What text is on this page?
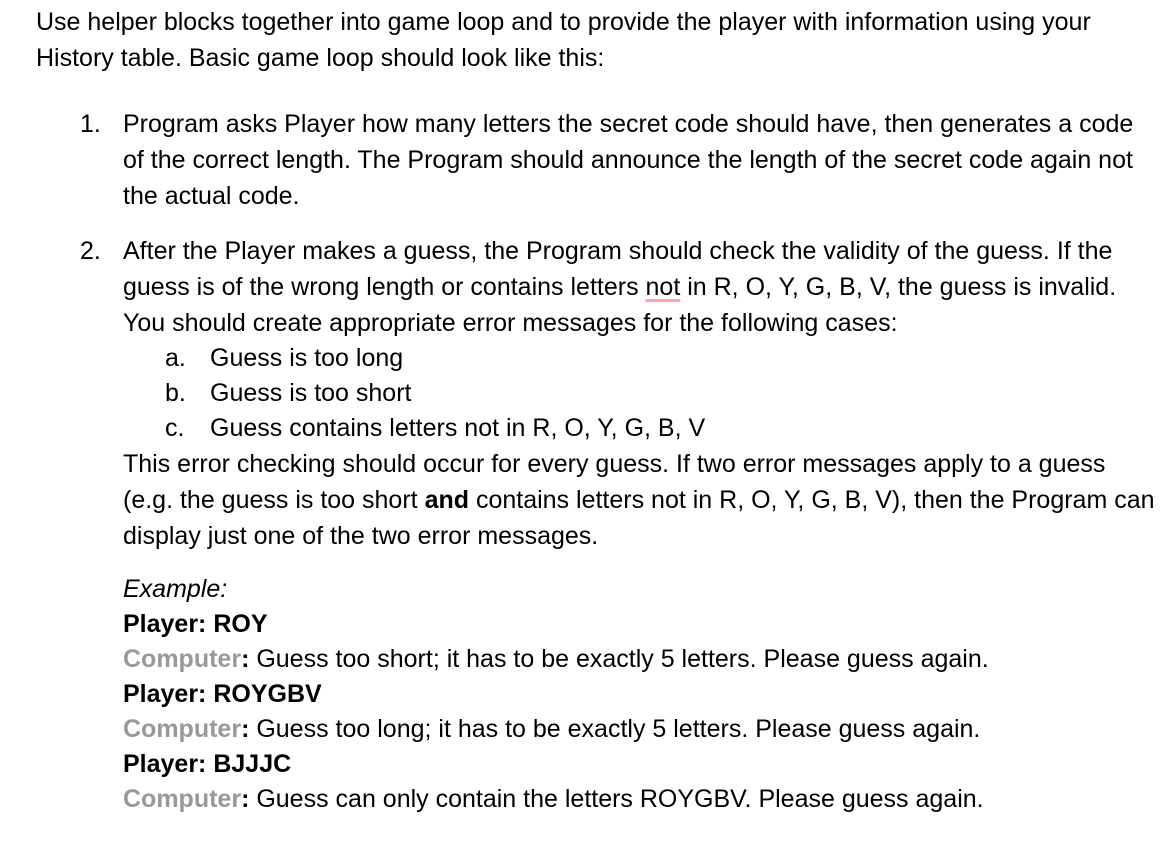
Use helper blocks together into game loop and to provide the player with information using your History table. Basic game loop should look like this:

1. Program asks Player how many letters the secret code should have, then generates a code of the correct length. The Program should announce the length of the secret code again not the actual code.

2. After the Player makes a guess, the Program should check the validity of the guess. If the guess is of the wrong length or contains letters not in R, O, Y, G, B, V, the guess is invalid. You should create appropriate error messages for the following cases:

a. Guess is too long
b. Guess is too short
c. Guess contains letters not in R, O, Y, G, B, V

This error checking should occur for every guess. If two error messages apply to a guess (e.g. the guess is too short and contains letters not in R, O, Y, G, B, V), then the Program can display just one of the two error messages.

Example:
Player: ROY
Computer: Guess too short; it has to be exactly 5 letters. Please guess again.
Player: ROYGBV
Computer: Guess too long; it has to be exactly 5 letters. Please guess again.
Player: BJJJC
Computer: Guess can only contain the letters ROYGBV. Please guess again.
